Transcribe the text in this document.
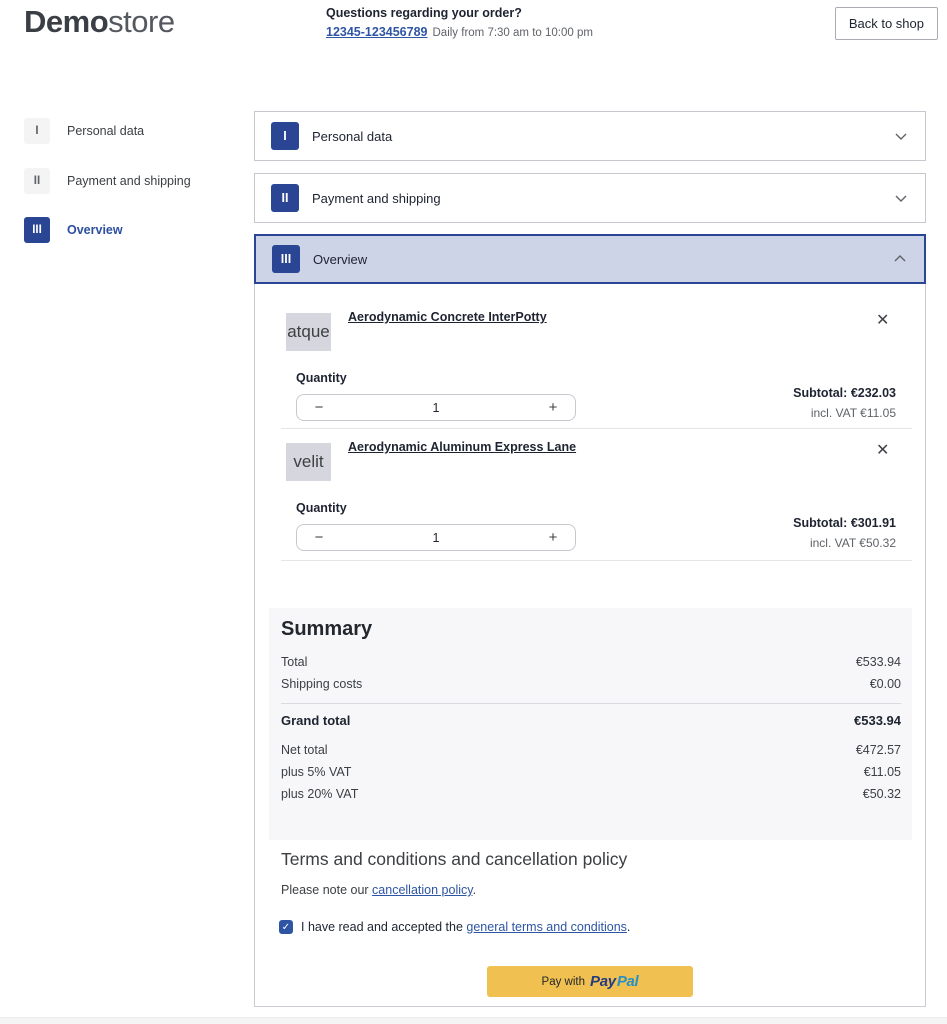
Demostore	Questions regarding your order?
12345-123456789 Daily from 7:30 am to 10:00 pm
Back to shop
I	Personal data
II	Payment and shipping
III	Overview
I	Personal data
II	Payment and shipping
III	Overview
atque
Aerodynamic Concrete InterPotty	✕
Quantity
−	1	+
Subtotal: €232.03
incl. VAT €11.05
velit
Aerodynamic Aluminum Express Lane	✕
Quantity
−	1	+
Subtotal: €301.91
incl. VAT €50.32
Summary
Total	€533.94
Shipping costs	€0.00
Grand total	€533.94
Net total	€472.57
plus 5% VAT	€11.05
plus 20% VAT	€50.32
Terms and conditions and cancellation policy
Please note our cancellation policy.
✓ I have read and accepted the general terms and conditions.
Pay with Pay Pal
